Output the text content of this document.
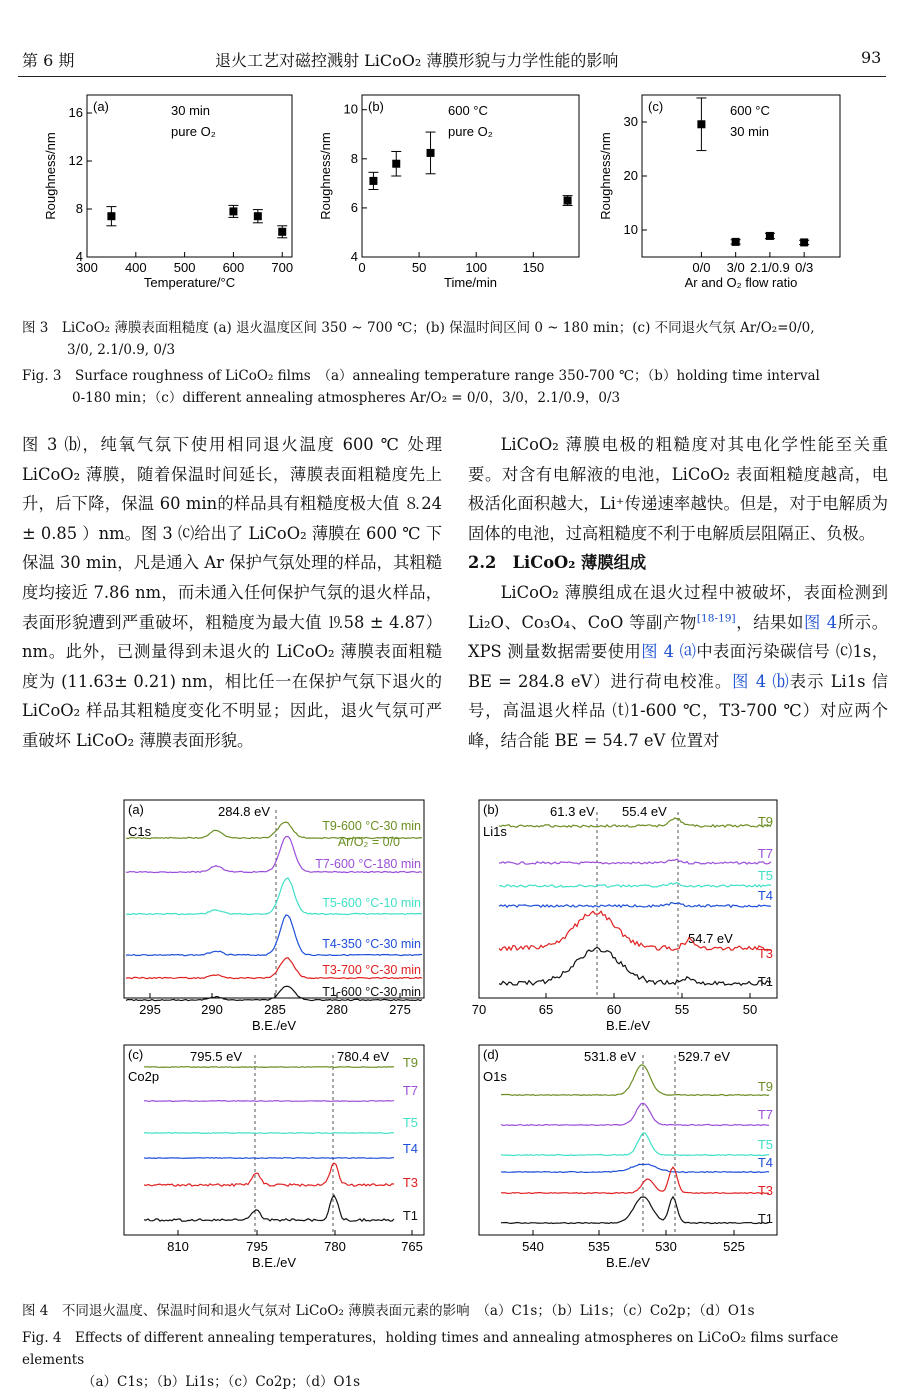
第 6 期	退火工艺对磁控溅射 LiCoO₂ 薄膜形貌与力学性能的影响	93
4
8
12
16
300 400 500 600 700
Temperature/°C
Roughness/nm
(a)	30 min
pure O₂
4
6
8
10
0	50	100	150
Time/min
Roughness/nm
(b)	600 °C
pure O₂
10
20
30
0/0 3/0 2.1/0.9 0/3
Ar and O₂ flow ratio
Roughness/nm
(c)	600 °C
30 min
图 3　LiCoO₂ 薄膜表面粗糙度 (a) 退火温度区间 350 ~ 700 ℃；(b) 保温时间区间 0 ~ 180 min；(c) 不同退火气氛 Ar/O₂=0/0,
3/0, 2.1/0.9, 0/3
Fig. 3　Surface roughness of LiCoO₂ films　（a）annealing temperature range 350-700 ℃；（b）holding time interval
0-180 min；（c）different annealing atmospheres Ar/O₂ = 0/0，3/0，2.1/0.9，0/3

图 3 ⒝，纯氧气氛下使用相同退火温度 600 ℃ 处理 LiCoO₂ 薄膜，随着保温时间延长，薄膜表面粗糙度先上升，后下降，保温 60 min的样品具有粗糙度极大值 ⒏24 ± 0.85 ）nm。图 3 ⒞给出了 LiCoO₂ 薄膜在 600 ℃ 下保温 30 min，凡是通入 Ar 保护气氛处理的样品，其粗糙度均接近 7.86 nm，而未通入任何保护气氛的退火样品，表面形貌遭到严重破坏，粗糙度为最大值 ⒚58 ± 4.87）nm。此外，已测量得到未退火的 LiCoO₂ 薄膜表面粗糙度为 (11.63± 0.21) nm，相比任一在保护气氛下退火的 LiCoO₂ 样品其粗糙度变化不明显；因此，退火气氛可严重破坏 LiCoO₂ 薄膜表面形貌。

LiCoO₂ 薄膜电极的粗糙度对其电化学性能至关重要。对含有电解液的电池，LiCoO₂ 表面粗糙度越高，电极活化面积越大，Li⁺传递速率越快。但是，对于电解质为固体的电池，过高粗糙度不利于电解质层阻隔正、负极。

2.2　LiCoO₂ 薄膜组成

LiCoO₂ 薄膜组成在退火过程中被破坏，表面检测到 Li₂O、Co₃O₄、CoO 等副产物[18-19]，结果如图 4所示。XPS 测量数据需要使用图 4 ⒜中表面污染碳信号 ⒞1s，BE = 284.8 eV）进行荷电校准。图 4 ⒝表示 Li1s 信号，高温退火样品 ⒯1-600 ℃，T3-700 ℃）对应两个峰，结合能 BE = 54.7 eV 位置对

(a)
C1s
B.E./eV
295	290	285	280	275
284.8 eV
T9-600 °C-30 min
Ar/O₂ = 0/0
T7-600 °C-180 min
T5-600 °C-10 min
T4-350 °C-30 min
T3-700 °C-30 min
T1-600 °C-30 min
(b)
Li1s
B.E./eV
70	65	60	55	50
61.3 eV 55.4 eV
54.7 eV
T9
T7
T5
T4
T3
T1
(c)
Co2p
B.E./eV
810	795	780	765
795.5 eV	780.4 eV T9
T7
T5
T4
T3
T1
(d)
O1s
B.E./eV
540	535	530	525
531.8 eV	529.7 eV
T9
T7
T5
T4
T3
T1
图 4　不同退火温度、保温时间和退火气氛对 LiCoO₂ 薄膜表面元素的影响　（a）C1s；（b）Li1s；（c）Co2p；（d）O1s
Fig. 4　Effects of different annealing temperatures，holding times and annealing atmospheres on LiCoO₂ films surface elements
（a）C1s；（b）Li1s；（c）Co2p；（d）O1s
